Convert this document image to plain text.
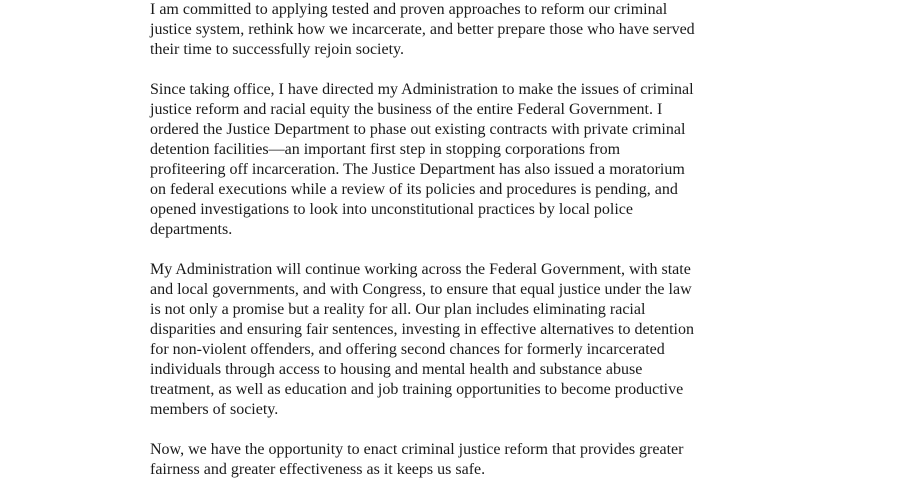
I am committed to applying tested and proven approaches to reform our criminal justice system, rethink how we incarcerate, and better prepare those who have served their time to successfully rejoin society.

Since taking office, I have directed my Administration to make the issues of criminal justice reform and racial equity the business of the entire Federal Government. I ordered the Justice Department to phase out existing contracts with private criminal detention facilities—an important first step in stopping corporations from profiteering off incarceration. The Justice Department has also issued a moratorium on federal executions while a review of its policies and procedures is pending, and opened investigations to look into unconstitutional practices by local police departments.

My Administration will continue working across the Federal Government, with state and local governments, and with Congress, to ensure that equal justice under the law is not only a promise but a reality for all. Our plan includes eliminating racial disparities and ensuring fair sentences, investing in effective alternatives to detention for non-violent offenders, and offering second chances for formerly incarcerated individuals through access to housing and mental health and substance abuse treatment, as well as education and job training opportunities to become productive members of society.

Now, we have the opportunity to enact criminal justice reform that provides greater fairness and greater effectiveness as it keeps us safe.
